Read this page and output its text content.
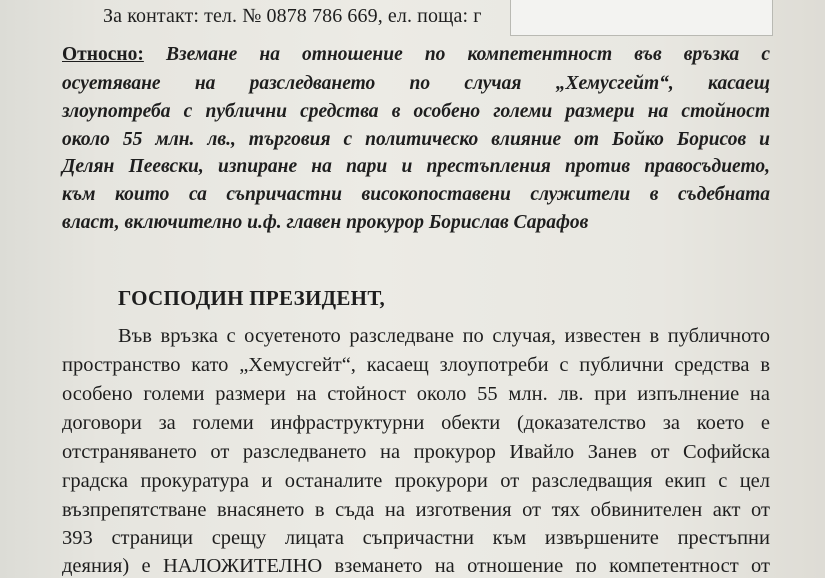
За контакт: тел. № 0878 786 669, ел. поща: г
Относно: Вземане на отношение по компетентност във връзка с
осуетяване на разследването по случая „Хемусгейт“, касаещ
злоупотреба с публични средства в особено големи размери на стойност
около 55 млн. лв., търговия с политическо влияние от Бойко Борисов и
Делян Пеевски, изпиране на пари и престъпления против правосъдието,
към които са съпричастни високопоставени служители в съдебната
власт, включително и.ф. главен прокурор Борислав Сарафов
ГОСПОДИН ПРЕЗИДЕНТ,
Във връзка с осуетеното разследване по случая, известен в публичното
пространство като „Хемусгейт“, касаещ злоупотреби с публични средства в
особено големи размери на стойност около 55 млн. лв. при изпълнение на
договори за големи инфраструктурни обекти (доказателство за което е
отстраняването от разследването на прокурор Ивайло Занев от Софийска
градска прокуратура и останалите прокурори от разследващия екип с цел
възпрепятстване внасянето в съда на изготвения от тях обвинителен акт от
393 страници срещу лицата съпричастни към извършените престъпни
деяния) е НАЛОЖИТЕЛНО вземането на отношение по компетентност от
